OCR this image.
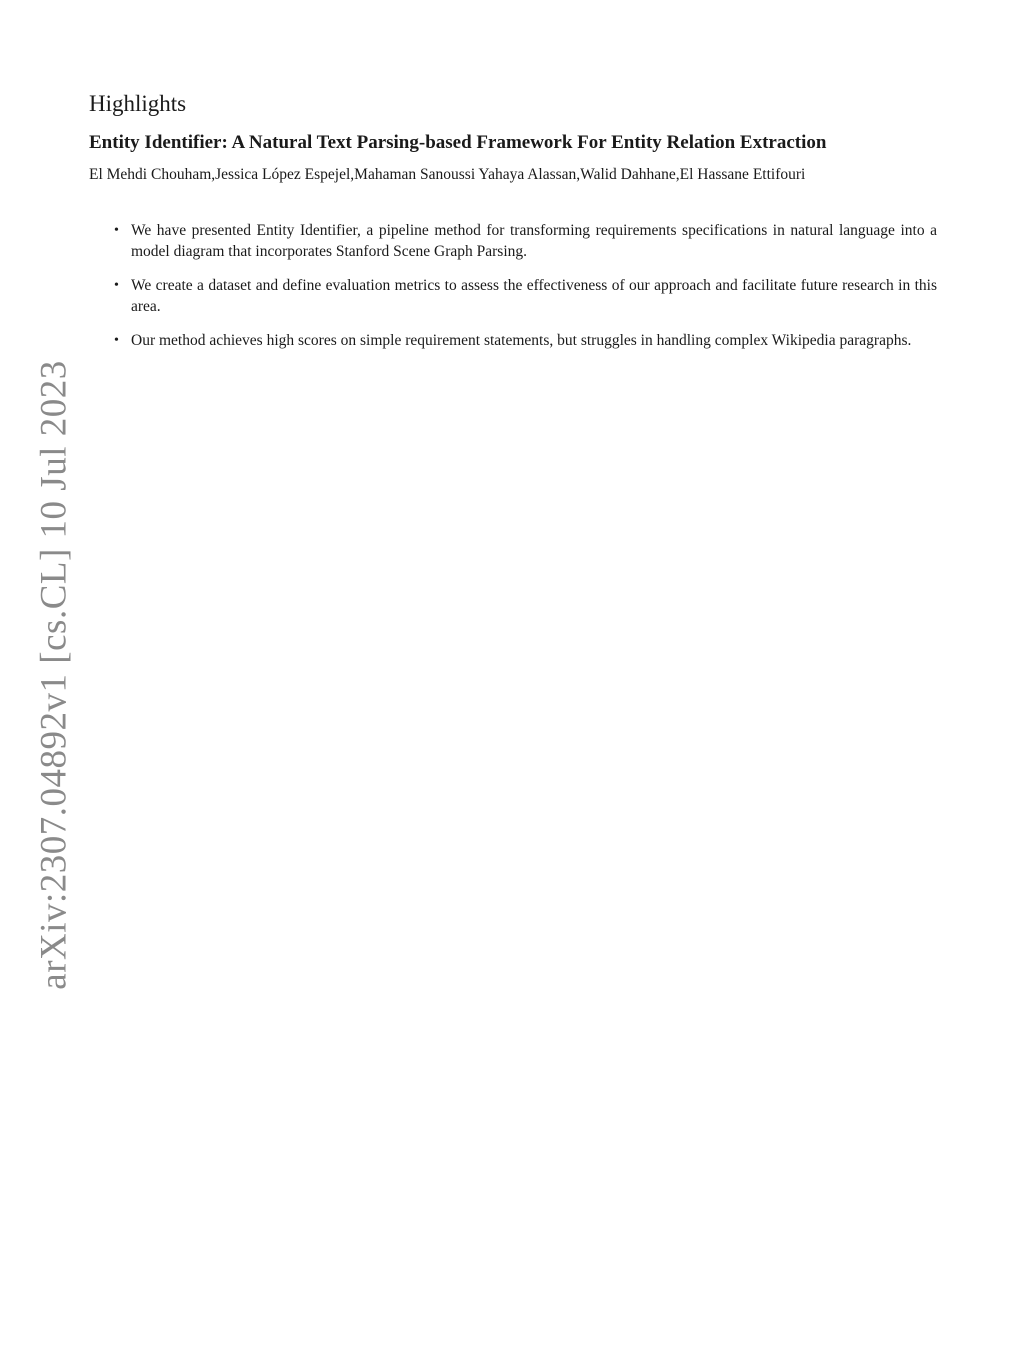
arXiv:2307.04892v1 [cs.CL] 10 Jul 2023
Highlights
Entity Identifier: A Natural Text Parsing-based Framework For Entity Relation Extraction

El Mehdi Chouham,Jessica López Espejel,Mahaman Sanoussi Yahaya Alassan,Walid Dahhane,El Hassane Ettifouri

• We have presented Entity Identifier, a pipeline method for transforming requirements specifications in natural language into a model diagram that incorporates Stanford Scene Graph Parsing.
• We create a dataset and define evaluation metrics to assess the effectiveness of our approach and facilitate future research in this area.
• Our method achieves high scores on simple requirement statements, but struggles in handling complex Wikipedia paragraphs.
